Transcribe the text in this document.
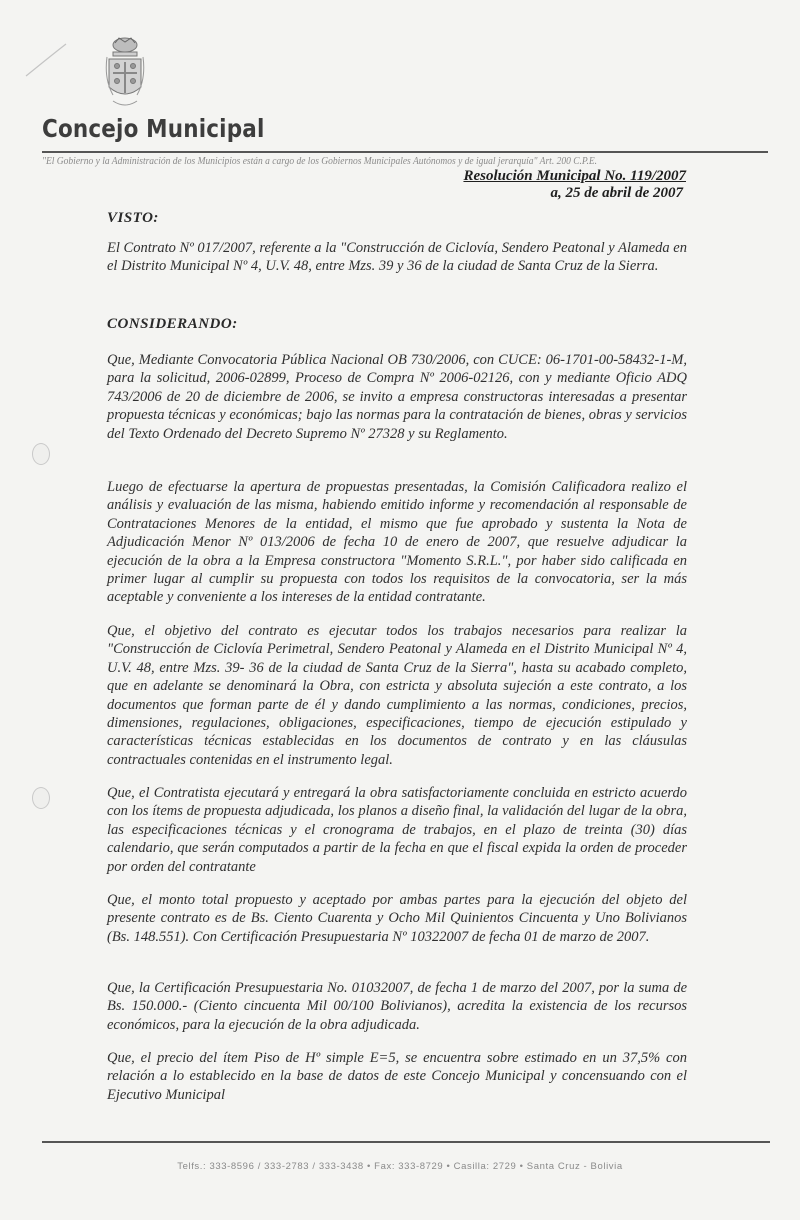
Concejo Municipal
"El Gobierno y la Administración de los Municipios están a cargo de los Gobiernos Municipales Autónomos y de igual jerarquía" Art. 200 C.P.E.
Resolución Municipal No. 119/2007
a, 25 de abril de 2007
VISTO:

El Contrato Nº 017/2007, referente a la "Construcción de Ciclovía, Sendero Peatonal y Alameda en el Distrito Municipal Nº 4, U.V. 48, entre Mzs. 39 y 36 de la ciudad de Santa Cruz de la Sierra.

CONSIDERANDO:

Que, Mediante Convocatoria Pública Nacional OB 730/2006, con CUCE: 06-1701-00-58432-1-M, para la solicitud, 2006-02899, Proceso de Compra Nº 2006-02126, con y mediante Oficio ADQ 743/2006 de 20 de diciembre de 2006, se invito a empresa constructoras interesadas a presentar propuesta técnicas y económicas; bajo las normas para la contratación de bienes, obras y servicios del Texto Ordenado del Decreto Supremo Nº 27328 y su Reglamento.

Luego de efectuarse la apertura de propuestas presentadas, la Comisión Calificadora realizo el análisis y evaluación de las misma, habiendo emitido informe y recomendación al responsable de Contrataciones Menores de la entidad, el mismo que fue aprobado y sustenta la Nota de Adjudicación Menor Nº 013/2006 de fecha 10 de enero de 2007, que resuelve adjudicar la ejecución de la obra a la Empresa constructora "Momento S.R.L.", por haber sido calificada en primer lugar al cumplir su propuesta con todos los requisitos de la convocatoria, ser la más aceptable y conveniente a los intereses de la entidad contratante.

Que, el objetivo del contrato es ejecutar todos los trabajos necesarios para realizar la "Construcción de Ciclovía Perimetral, Sendero Peatonal y Alameda en el Distrito Municipal Nº 4, U.V. 48, entre Mzs. 39- 36 de la ciudad de Santa Cruz de la Sierra", hasta su acabado completo, que en adelante se denominará la Obra, con estricta y absoluta sujeción a este contrato, a los documentos que forman parte de él y dando cumplimiento a las normas, condiciones, precios, dimensiones, regulaciones, obligaciones, especificaciones, tiempo de ejecución estipulado y características técnicas establecidas en los documentos de contrato y en las cláusulas contractuales contenidas en el instrumento legal.

Que, el Contratista ejecutará y entregará la obra satisfactoriamente concluida en estricto acuerdo con los ítems de propuesta adjudicada, los planos a diseño final, la validación del lugar de la obra, las especificaciones técnicas y el cronograma de trabajos, en el plazo de treinta (30) días calendario, que serán computados a partir de la fecha en que el fiscal expida la orden de proceder por orden del contratante

Que, el monto total propuesto y aceptado por ambas partes para la ejecución del objeto del presente contrato es de Bs. Ciento Cuarenta y Ocho Mil Quinientos Cincuenta y Uno Bolivianos (Bs. 148.551). Con Certificación Presupuestaria Nº 10322007 de fecha 01 de marzo de 2007.

Que, la Certificación Presupuestaria No. 01032007, de fecha 1 de marzo del 2007, por la suma de Bs. 150.000.- (Ciento cincuenta Mil 00/100 Bolivianos), acredita la existencia de los recursos económicos, para la ejecución de la obra adjudicada.

Que, el precio del ítem Piso de Hº simple E=5, se encuentra sobre estimado en un 37,5% con relación a lo establecido en la base de datos de este Concejo Municipal y concensuando con el Ejecutivo Municipal

Telfs.: 333-8596 / 333-2783 / 333-3438 • Fax: 333-8729 • Casilla: 2729 • Santa Cruz - Bolivia
